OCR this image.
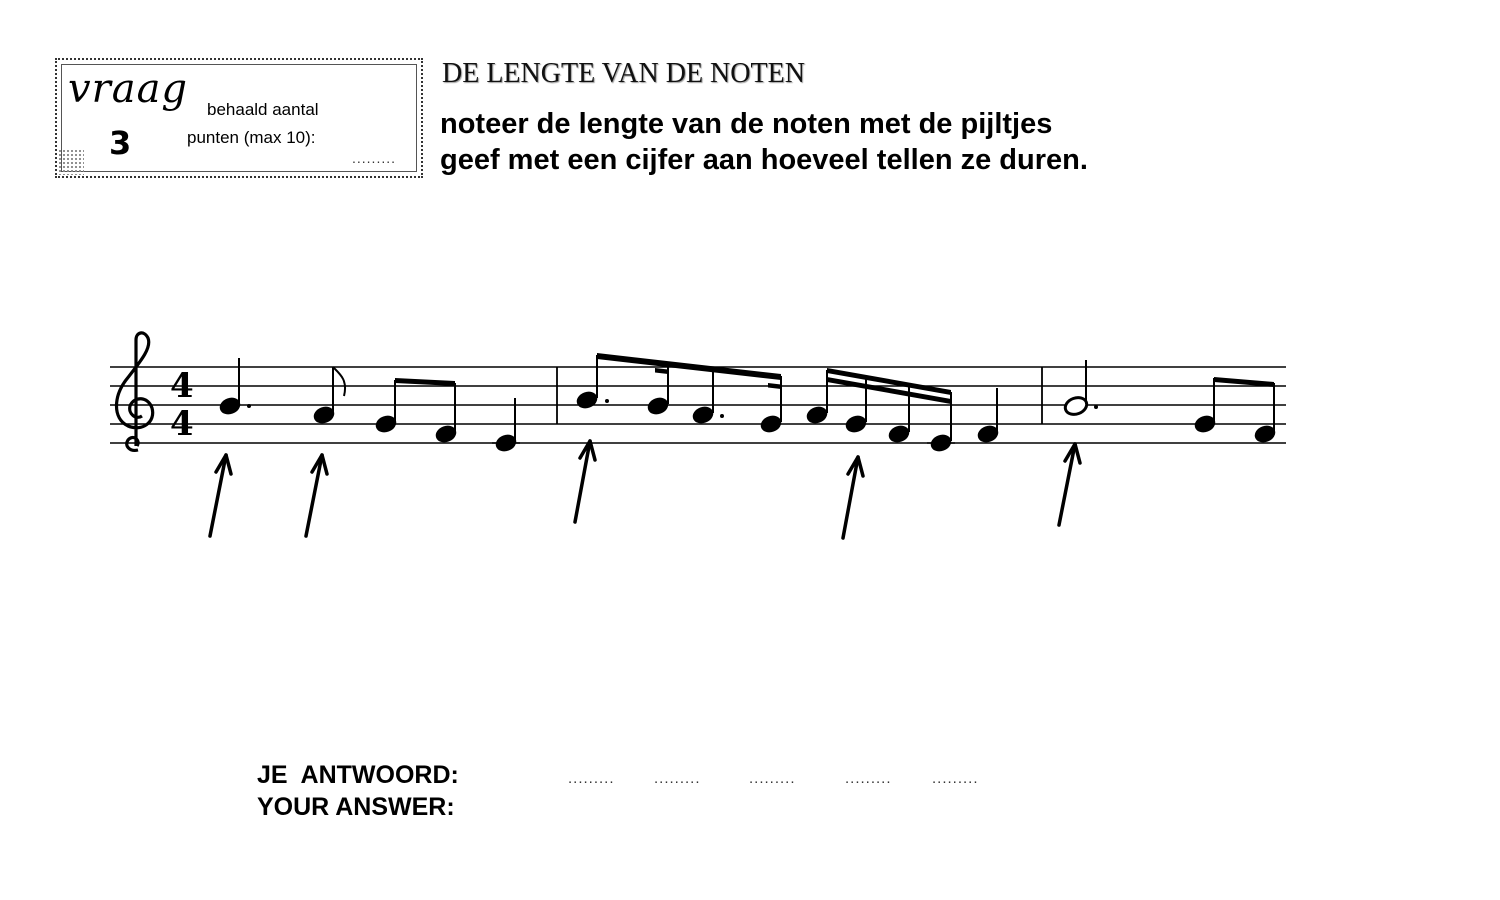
vraag
3
behaald aantal
punten (max 10):
.........
DE LENGTE VAN DE NOTEN
noteer de lengte van de noten met de pijltjes
geef met een cijfer aan hoeveel tellen ze duren.
4
4
JE  ANTWOORD:
YOUR ANSWER:
.........	.........	.........	.........	.........
